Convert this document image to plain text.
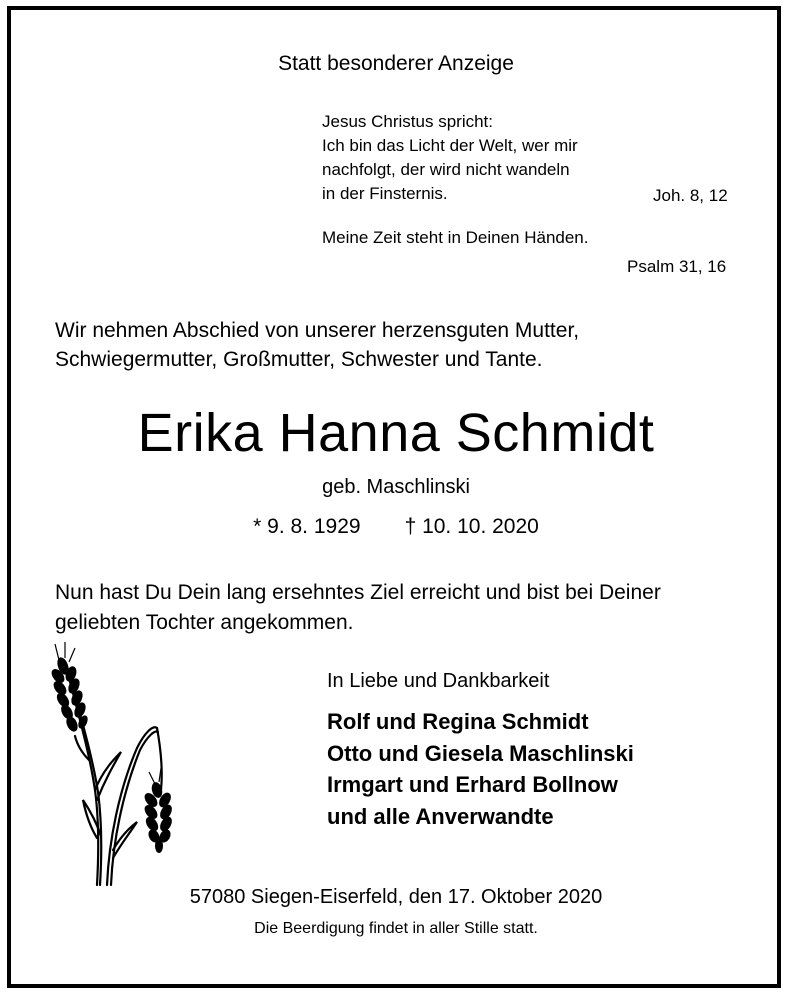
Statt besonderer Anzeige
Jesus Christus spricht:
Ich bin das Licht der Welt, wer mir
nachfolgt, der wird nicht wandeln
in der Finsternis.	Joh. 8, 12
Meine Zeit steht in Deinen Händen.
Psalm 31, 16
Wir nehmen Abschied von unserer herzensguten Mutter,
Schwiegermutter, Großmutter, Schwester und Tante.
Erika Hanna Schmidt
geb. Maschlinski
* 9. 8. 1929 † 10. 10. 2020
Nun hast Du Dein lang ersehntes Ziel erreicht und bist bei Deiner
geliebten Tochter angekommen.
In Liebe und Dankbarkeit
Rolf und Regina Schmidt
Otto und Giesela Maschlinski
Irmgart und Erhard Bollnow
und alle Anverwandte
57080 Siegen-Eiserfeld, den 17. Oktober 2020
Die Beerdigung findet in aller Stille statt.
